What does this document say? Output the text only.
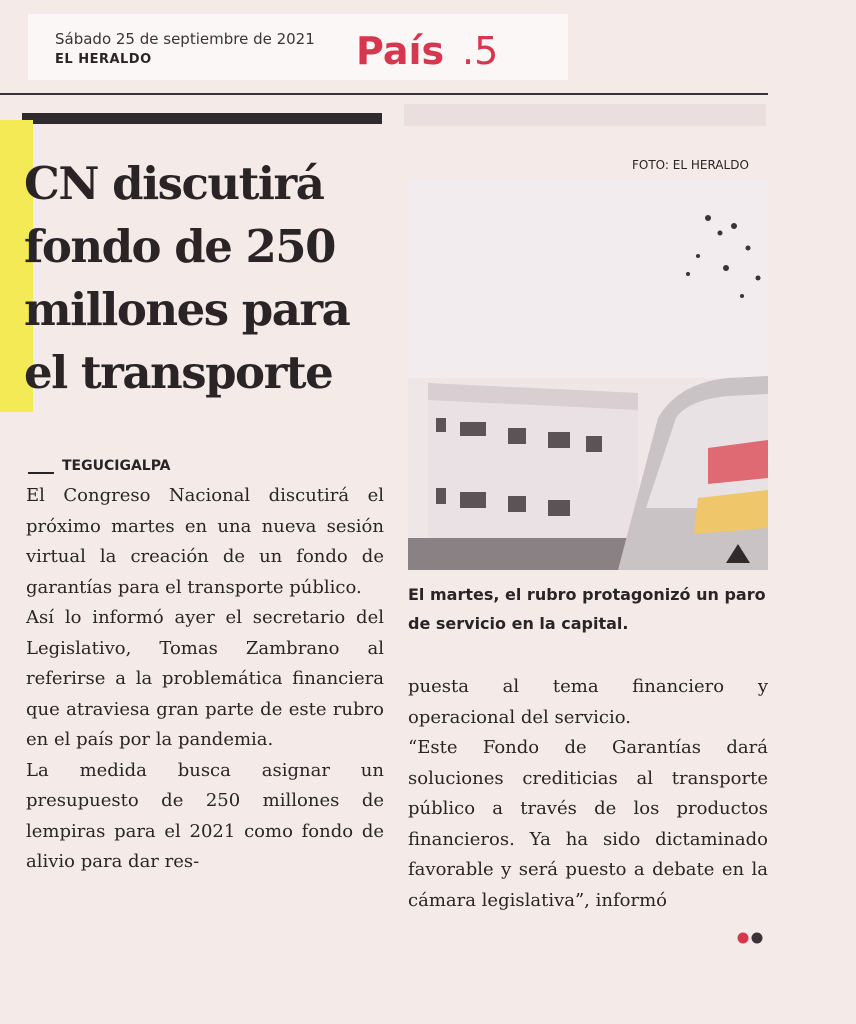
Sábado 25 de septiembre de 2021
EL HERALDO	País .5
CN discutirá
fondo de 250
millones para
el transporte
TEGUCIGALPA

El Congreso Nacional discutirá el próximo martes en una nueva sesión virtual la creación de un fondo de garantías para el transporte público.

Así lo informó ayer el secretario del Legislativo, Tomas Zambrano al referirse a la problemática financiera que atraviesa gran parte de este rubro en el país por la pandemia.

La medida busca asignar un presupuesto de 250 millones de lempiras para el 2021 como fondo de alivio para dar res-

FOTO: EL HERALDO

El martes, el rubro protagonizó un paro de servicio en la capital.

puesta al tema financiero y operacional del servicio.

“Este Fondo de Garantías dará soluciones crediticias al transporte público a través de los productos financieros. Ya ha sido dictaminado favorable y será puesto a debate en la cámara legislativa”, informó
